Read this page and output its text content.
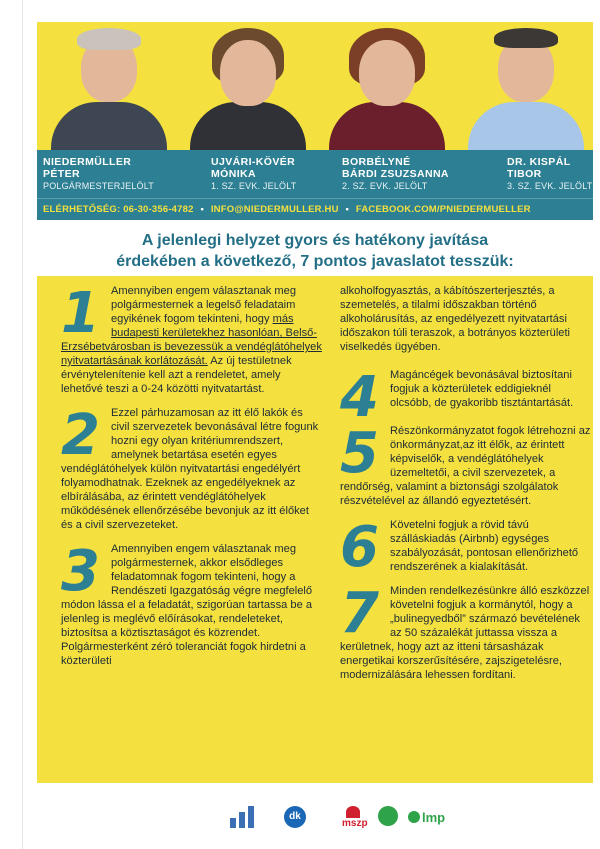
NIEDERMÜLLER
PÉTER
POLGÁRMESTERJELÖLT
UJVÁRI-KÖVÉR
MÓNIKA
1. SZ. EVK. JELÖLT
BORBÉLYNÉ
BÁRDI ZSUZSANNA
2. SZ. EVK. JELÖLT
DR. KISPÁL
TIBOR
3. SZ. EVK. JELÖLT
ELÉRHETŐSÉG: 06-30-356-4782 • INFO@NIEDERMULLER.HU • FACEBOOK.COM/PNIEDERMUELLER
A jelenlegi helyzet gyors és hatékony javítása
érdekében a következő, 7 pontos javaslatot tesszük:
1 Amennyiben engem választanak meg polgármesternek a legelső feladataim egyikének fogom tekinteni, hogy más budapesti kerületekhez hasonlóan, Belső-Erzsébetvárosban is bevezessük a vendéglátóhelyek nyitvatartásának korlátozását. Az új testületnek érvénytelenítenie kell azt a rendeletet, amely lehetővé teszi a 0-24 közötti nyitvatartást.

2 Ezzel párhuzamosan az itt élő lakók és civil szervezetek bevonásával létre fogunk hozni egy olyan kritériumrendszert, amelynek betartása esetén egyes vendéglátóhelyek külön nyitvatartási engedélyért folyamodhatnak. Ezeknek az engedélyeknek az elbírálásába, az érintett vendéglátóhelyek működésének ellenőrzésébe bevonjuk az itt élőket és a civil szervezeteket.

3 Amennyiben engem választanak meg polgármesternek, akkor elsődleges feladatomnak fogom tekinteni, hogy a Rendészeti Igazgatóság végre megfelelő módon lássa el a feladatát, szigorúan tartassa be a jelenleg is meglévő előírásokat, rendeleteket, biztosítsa a köztisztaságot és közrendet. Polgármesterként zéró toleranciát fogok hirdetni a közterületi

alkoholfogyasztás, a kábítószerterjesztés, a szemetelés, a tilalmi időszakban történő alkoholárusítás, az engedélyezett nyitvatartási időszakon túli teraszok, a botrányos közterületi viselkedés ügyében.

4 Magáncégek bevonásával biztosítani fogjuk a közterületek eddigieknél olcsóbb, de gyakoribb tisztántartását.

5 Részönkormányzatot fogok létrehozni az önkormányzat,az itt élők, az érintett képviselők, a vendéglátóhelyek üzemeltetői, a civil szervezetek, a rendőrség, valamint a biztonsági szolgálatok részvételével az állandó egyeztetésért.

6 Követelni fogjuk a rövid távú szálláskiadás (Airbnb) egységes szabályozását, pontosan ellenőrizhető rendszerének a kialakítását.

7 Minden rendelkezésünkre álló eszközzel követelni fogjuk a kormánytól, hogy a „bulinegyedből” származó bevételének az 50 százalékát juttassa vissza a kerületnek, hogy azt az itteni társasházak energetikai korszerűsítésére, zajszigetelésre, modernizálására lehessen fordítani.

dk
mszp	lmp
